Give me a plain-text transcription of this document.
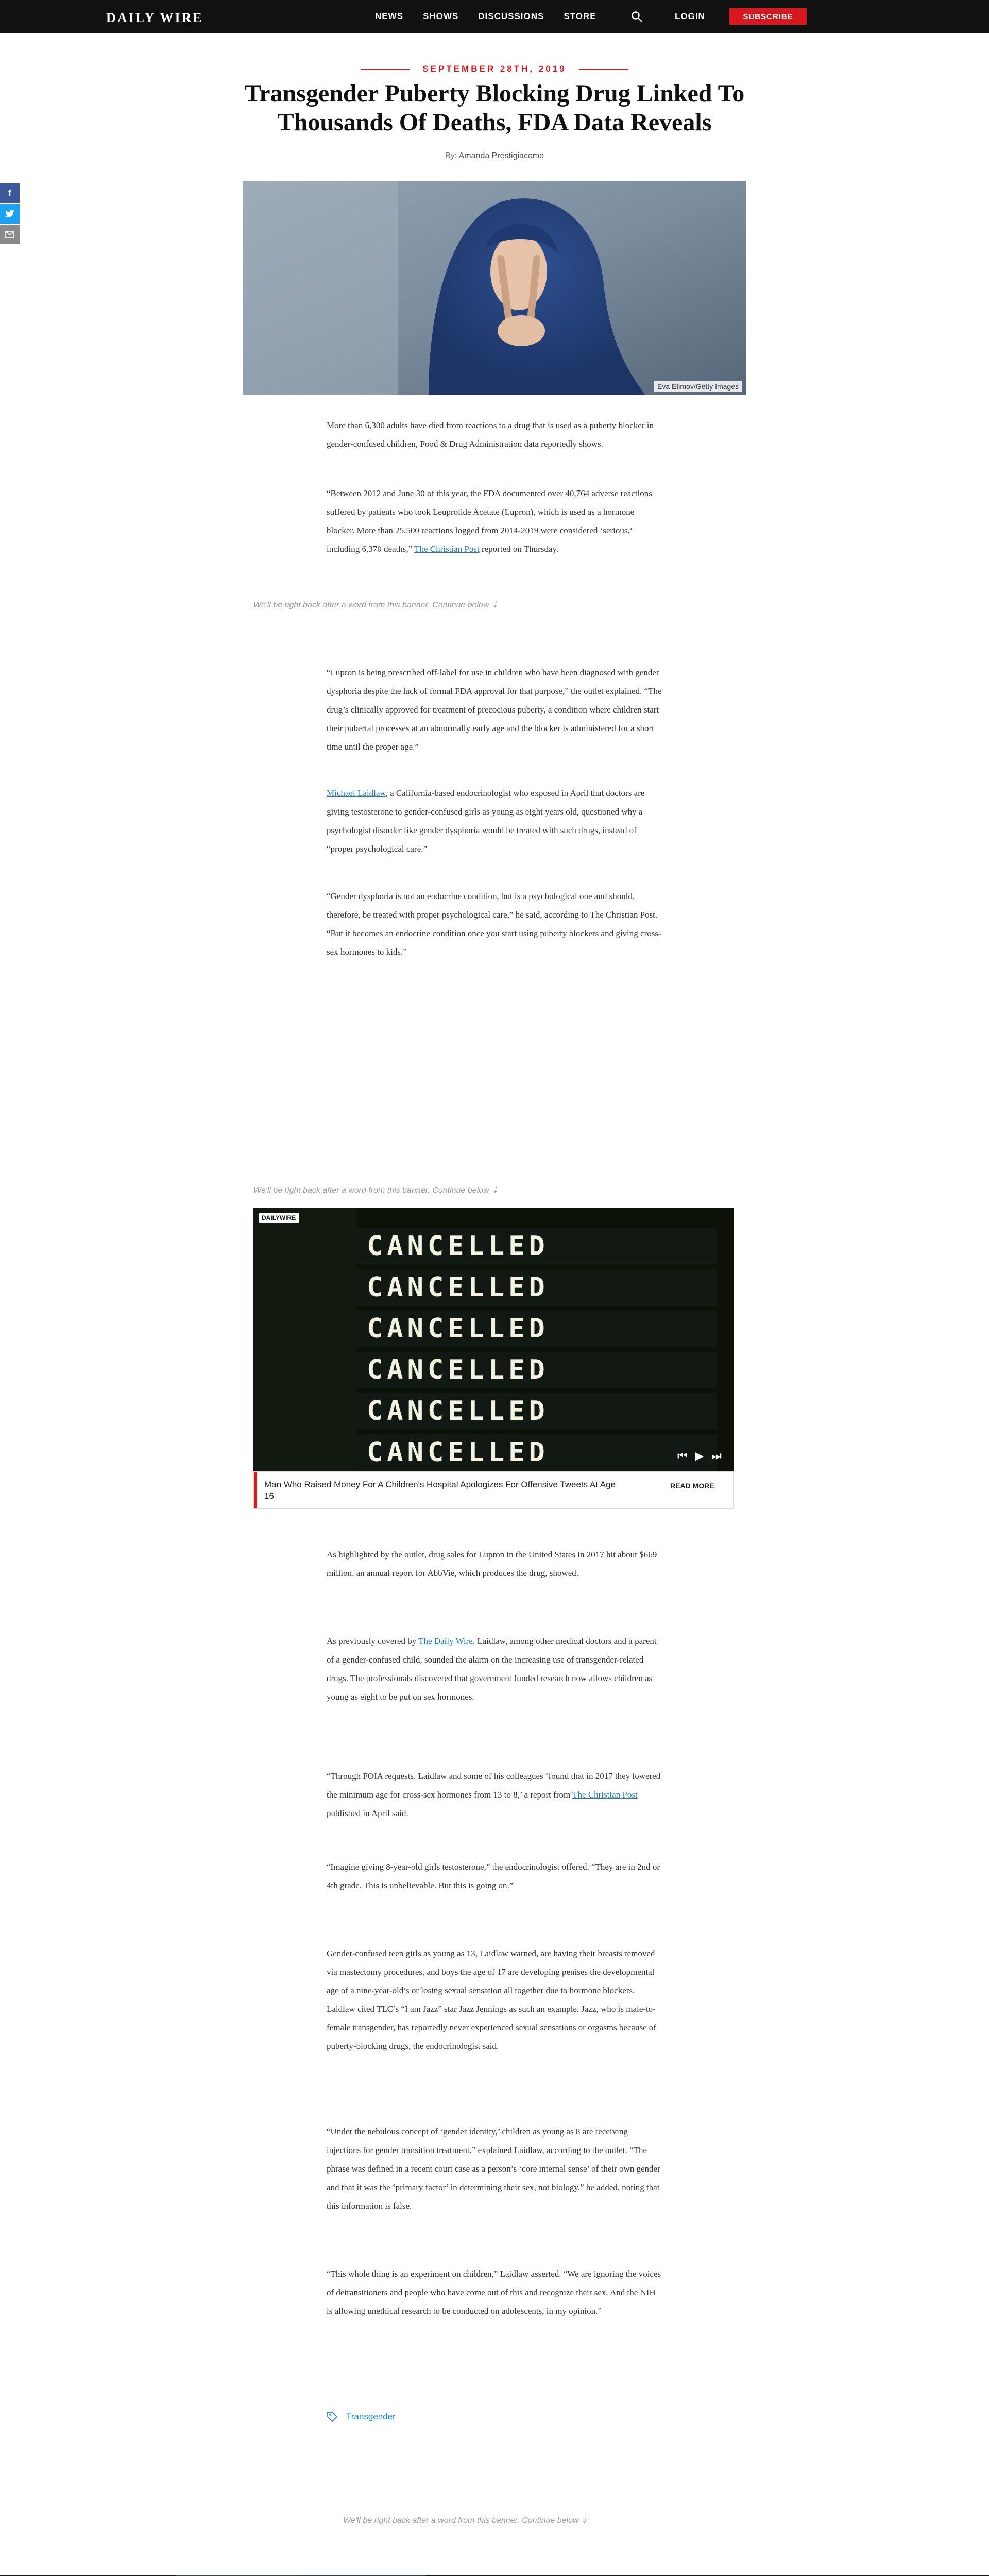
DAILY WIRE	NEWS SHOWS DISCUSSIONS STORE	LOGIN	SUBSCRIBE
f
SEPTEMBER 28TH, 2019
Transgender Puberty Blocking Drug Linked To Thousands Of Deaths, FDA Data Reveals
By: Amanda Prestigiacomo
Eva Etimov/Getty Images

More than 6,300 adults have died from reactions to a drug that is used as a puberty blocker in gender-confused children, Food & Drug Administration data reportedly shows.

“Between 2012 and June 30 of this year, the FDA documented over 40,764 adverse reactions suffered by patients who took Leuprolide Acetate (Lupron), which is used as a hormone blocker. More than 25,500 reactions logged from 2014-2019 were considered ‘serious,’ including 6,370 deaths,” The Christian Post reported on Thursday.

We'll be right back after a word from this banner. Continue below ⇣

“Lupron is being prescribed off-label for use in children who have been diagnosed with gender dysphoria despite the lack of formal FDA approval for that purpose,” the outlet explained. “The drug’s clinically approved for treatment of precocious puberty, a condition where children start their pubertal processes at an abnormally early age and the blocker is administered for a short time until the proper age.”

Michael Laidlaw, a California-based endocrinologist who exposed in April that doctors are giving testosterone to gender-confused girls as young as eight years old, questioned why a psychologist disorder like gender dysphoria would be treated with such drugs, instead of “proper psychological care.”

“Gender dysphoria is not an endocrine condition, but is a psychological one and should, therefore, be treated with proper psychological care,” he said, according to The Christian Post. “But it becomes an endocrine condition once you start using puberty blockers and giving cross-sex hormones to kids.”

We'll be right back after a word from this banner. Continue below ⇣
DAILYWIRE
CANCELLED
CANCELLED
CANCELLED
CANCELLED
CANCELLED
CANCELLED	⏮ ▶ ⏭
Man Who Raised Money For A Children's Hospital Apologizes For Offensive Tweets At Age 16
READ MORE

As highlighted by the outlet, drug sales for Lupron in the United States in 2017 hit about $669 million, an annual report for AbbVie, which produces the drug, showed.

As previously covered by The Daily Wire, Laidlaw, among other medical doctors and a parent of a gender-confused child, sounded the alarm on the increasing use of transgender-related drugs. The professionals discovered that government funded research now allows children as young as eight to be put on sex hormones.

“Through FOIA requests, Laidlaw and some of his colleagues ‘found that in 2017 they lowered the minimum age for cross-sex hormones from 13 to 8,’ a report from The Christian Post published in April said.

“Imagine giving 8-year-old girls testosterone,” the endocrinologist offered. “They are in 2nd or 4th grade. This is unbelievable. But this is going on.”

Gender-confused teen girls as young as 13, Laidlaw warned, are having their breasts removed via mastectomy procedures, and boys the age of 17 are developing penises the developmental age of a nine-year-old’s or losing sexual sensation all together due to hormone blockers. Laidlaw cited TLC’s “I am Jazz” star Jazz Jennings as such an example. Jazz, who is male-to-female transgender, has reportedly never experienced sexual sensations or orgasms because of puberty-blocking drugs, the endocrinologist said.

“Under the nebulous concept of ‘gender identity,’ children as young as 8 are receiving injections for gender transition treatment,” explained Laidlaw, according to the outlet. “The phrase was defined in a recent court case as a person’s ‘core internal sense’ of their own gender and that it was the ‘primary factor’ in determining their sex, not biology,” he added, noting that this information is false.

“This whole thing is an experiment on children,” Laidlaw asserted. “We are ignoring the voices of detransitioners and people who have come out of this and recognize their sex. And the NIH is allowing unethical research to be conducted on adolescents, in my opinion.”

Transgender
We'll be right back after a word from this banner. Continue below ⇣
